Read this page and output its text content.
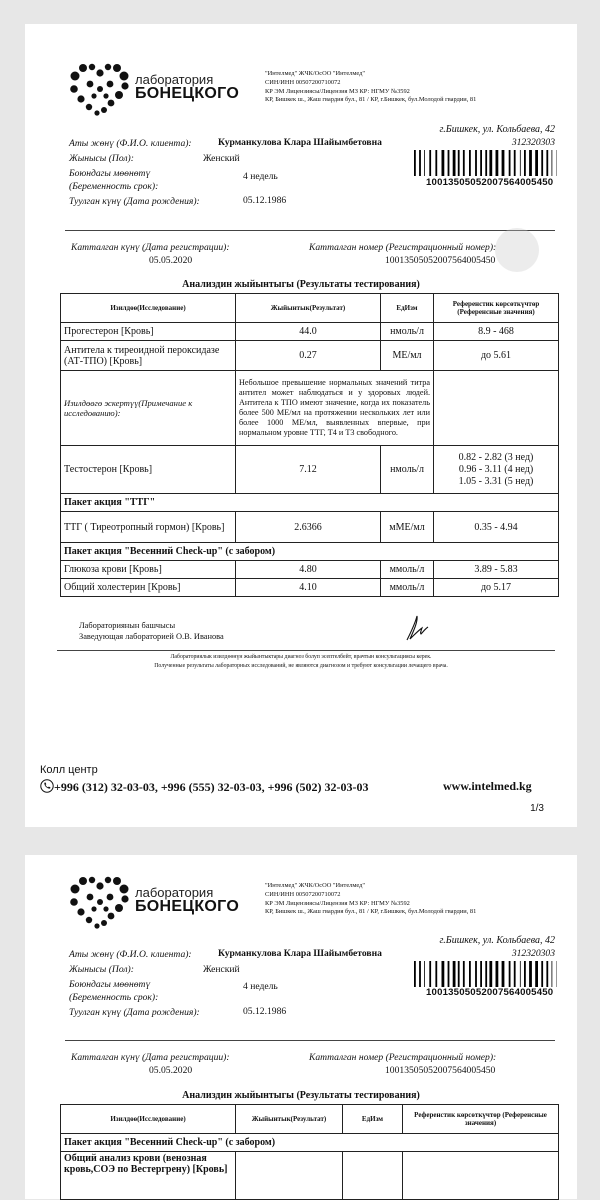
лаборатория
БОНЕЦКОГО
"Интелмед" ЖЧК/ОсОО "Интелмед"
СИН/ИНН 00507200710072
КР ЭМ Лицензиясы/Лицензия МЗ КР: НГМУ №3592
КР, Бишкек ш., Жаш гвардия бул., 81 / КР, г.Бишкек, бул.Молодой гвардии, 81
г.Бишкек, ул. Кольбаева, 42
312320303
10013505052007564005450
Аты жөнү (Ф.И.О. клиента):	Курманкулова Клара Шайымбетовна
Жынысы (Пол):	Женский
Боюндагы мөөнөтү
(Беременность срок):
4 недель
Туулган күнү (Дата рождения):	05.12.1986
Катталган күнү (Дата регистрации):
05.05.2020
Катталган номер (Регистрационный номер):
10013505052007564005450
Анализдин жыйынтыгы (Результаты тестирования)
Изилдөө(Исследование)	Жыйынтык(Результат)	ЕдИзм	Референстик көрсөткүчтөр (Референсные значения)
Прогестерон [Кровь]	44.0	нмоль/л	8.9 - 468
Антитела к тиреоидной пероксидазе (АТ-ТПО) [Кровь]	0.27	МЕ/мл	до 5.61
Изилдөөгө эскертүү(Примечание к исследованию):	Небольшое превышение нормальных значений титра антител может наблюдаться и у здоровых людей. Антитела к ТПО имеют значение, когда их показатель более 500 МЕ/мл на протяжении нескольких лет или более 1000 МЕ/мл, выявленных впервые, при нормальном уровне ТТГ, Т4 и Т3 свободного.		
Тестостерон [Кровь]	7.12	нмоль/л	0.82 - 2.82 (3 нед)
0.96 - 3.11 (4 нед)
1.05 - 3.31 (5 нед)

Пакет акция "ТТГ"			
ТТГ ( Тиреотропный гормон) [Кровь]	2.6366	мМЕ/мл	0.35 - 4.94
Пакет акция "Весенний Check-up" (с забором)			
Глюкоза крови [Кровь]	4.80	ммоль/л	3.89 - 5.83
Общий холестерин [Кровь]	4.10	ммоль/л	до 5.17
Лабораториянын башчысы
Заведующая лабораторией О.В. Иванова
Лабораториялык изилдөөнүн жыйынтыктары диагноз болуп эсептелбейт, врачтын консультациясы керек.
Полученные результаты лабораторных исследований, не являются диагнозом и требуют консультации лечащего врача.
Колл центр
+996 (312) 32-03-03, +996 (555) 32-03-03, +996 (502) 32-03-03	www.intelmed.kg
1/3
лаборатория
БОНЕЦКОГО
"Интелмед" ЖЧК/ОсОО "Интелмед"
СИН/ИНН 00507200710072
КР ЭМ Лицензиясы/Лицензия МЗ КР: НГМУ №3592
КР, Бишкек ш., Жаш гвардия бул., 81 / КР, г.Бишкек, бул.Молодой гвардии, 81
г.Бишкек, ул. Кольбаева, 42
312320303
10013505052007564005450
Аты жөнү (Ф.И.О. клиента):	Курманкулова Клара Шайымбетовна
Жынысы (Пол):	Женский
Боюндагы мөөнөтү
(Беременность срок):
4 недель
Туулган күнү (Дата рождения):	05.12.1986
Катталган күнү (Дата регистрации):
05.05.2020
Катталган номер (Регистрационный номер):
10013505052007564005450
Анализдин жыйынтыгы (Результаты тестирования)
Изилдөө(Исследование)	Жыйынтык(Результат)	ЕдИзм	Референстик көрсөткүчтөр (Референсные значения)
Пакет акция "Весенний Check-up" (с забором)			
Общий анализ крови (венозная кровь,СОЭ по Вестергрену) [Кровь]			
